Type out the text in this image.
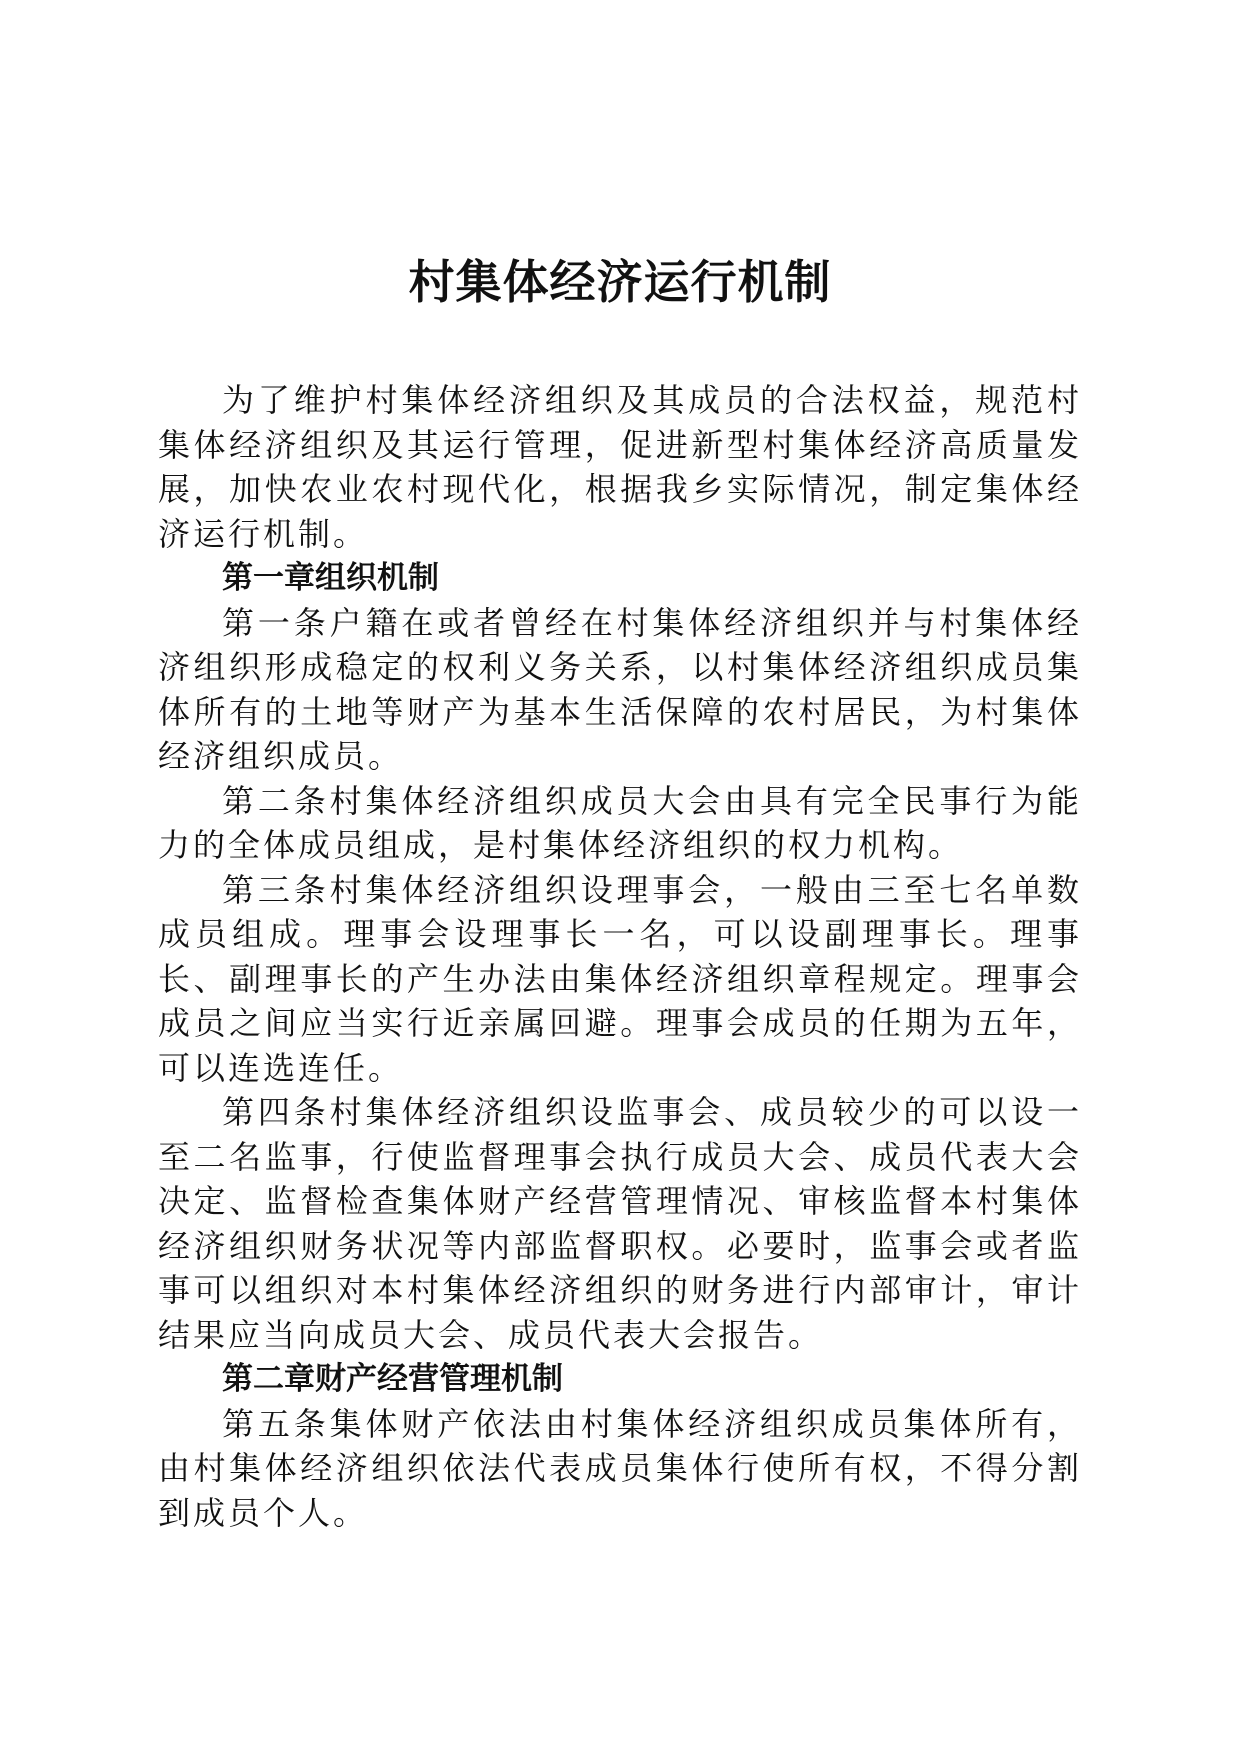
村集体经济运行机制

为了维护村集体经济组织及其成员的合法权益，规范村集体经济组织及其运行管理，促进新型村集体经济高质量发展，加快农业农村现代化，根据我乡实际情况，制定集体经济运行机制。

第一章组织机制

第一条户籍在或者曾经在村集体经济组织并与村集体经济组织形成稳定的权利义务关系，以村集体经济组织成员集体所有的土地等财产为基本生活保障的农村居民，为村集体经济组织成员。

第二条村集体经济组织成员大会由具有完全民事行为能力的全体成员组成，是村集体经济组织的权力机构。

第三条村集体经济组织设理事会，一般由三至七名单数成员组成。理事会设理事长一名，可以设副理事长。理事长、副理事长的产生办法由集体经济组织章程规定。理事会成员之间应当实行近亲属回避。理事会成员的任期为五年，可以连选连任。

第四条村集体经济组织设监事会、成员较少的可以设一至二名监事，行使监督理事会执行成员大会、成员代表大会决定、监督检查集体财产经营管理情况、审核监督本村集体经济组织财务状况等内部监督职权。必要时，监事会或者监事可以组织对本村集体经济组织的财务进行内部审计，审计结果应当向成员大会、成员代表大会报告。

第二章财产经营管理机制

第五条集体财产依法由村集体经济组织成员集体所有，由村集体经济组织依法代表成员集体行使所有权，不得分割到成员个人。
